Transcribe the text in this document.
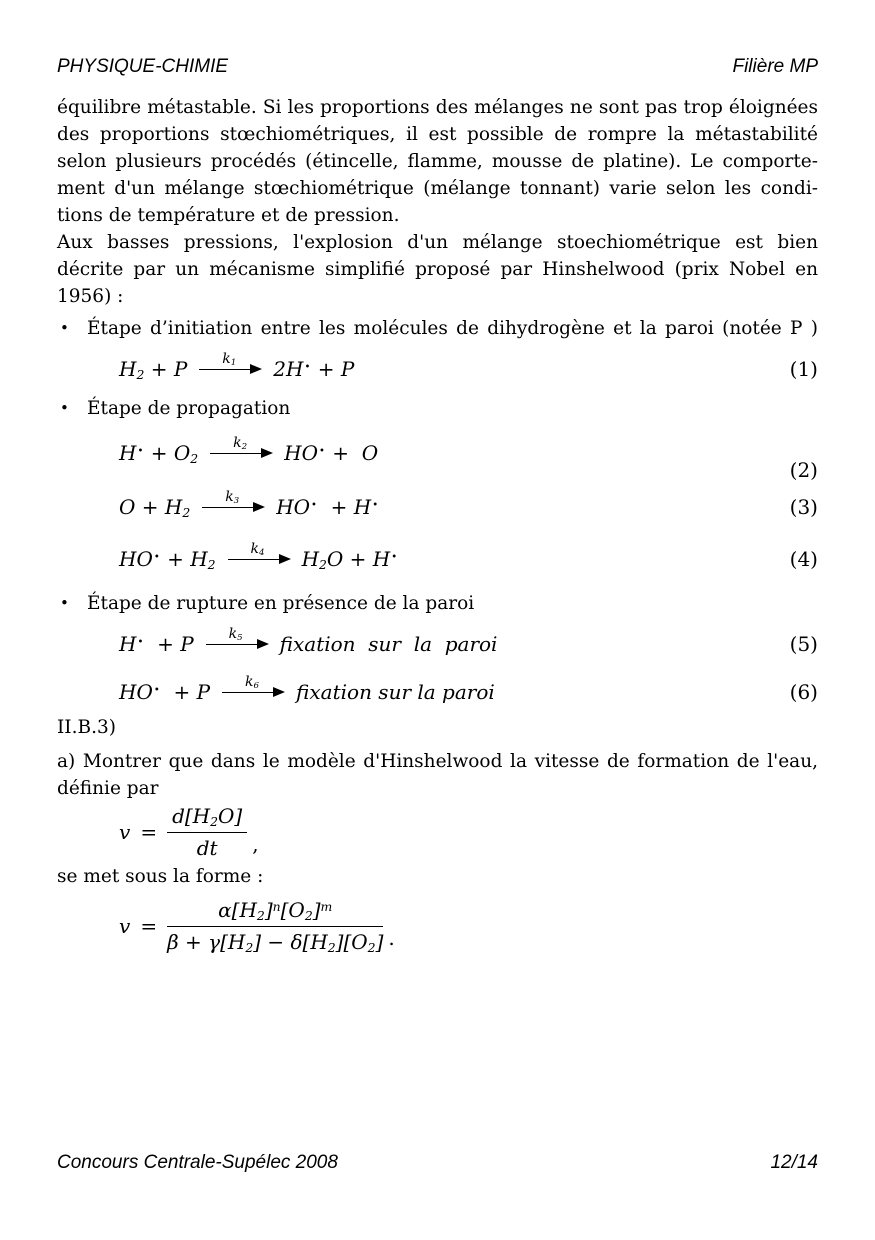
PHYSIQUE-CHIMIE	Filière MP
équilibre métastable. Si les proportions des mélanges ne sont pas trop éloignées
des proportions stœchiométriques, il est possible de rompre la métastabilité
selon plusieurs procédés (étincelle, flamme, mousse de platine). Le comporte-
ment d'un mélange stœchiométrique (mélange tonnant) varie selon les condi-
tions de température et de pression.
Aux basses pressions, l'explosion d'un mélange stoechiométrique est bien
décrite par un mécanisme simplifié proposé par Hinshelwood (prix Nobel en
1956) :
• Étape d’initiation entre les molécules de dihydrogène et la paroi (notée P )
$H_2 + P$ $k_1$ 2H• + P	(1)
• Étape de propagation
$H^• + O_2$
$k_2$ HO• +  O
(2)
$O + H_2$
$k_3$ HO•  + H•	(3)
$HO^• + H_2$
$k_4$ $H_2O + H^•$	(4)
• Étape de rupture en présence de la paroi
H•  + P $k_5$ fixation  sur  la  paroi	(5)
HO•  + P $k_6$ fixation sur la paroi	(6)
II.B.3)
a) Montrer que dans le modèle d'Hinshelwood la vitesse de formation de l'eau,
définie par
$v = \frac{d[H_2O]}{dt}$ ,
se met sous la forme :
$v = \frac{\alpha[H_2]^n[O_2]^m}{\beta + \gamma[H_2] - \delta[H_2][O_2]}$ .
Concours Centrale-Supélec 2008	12/14
